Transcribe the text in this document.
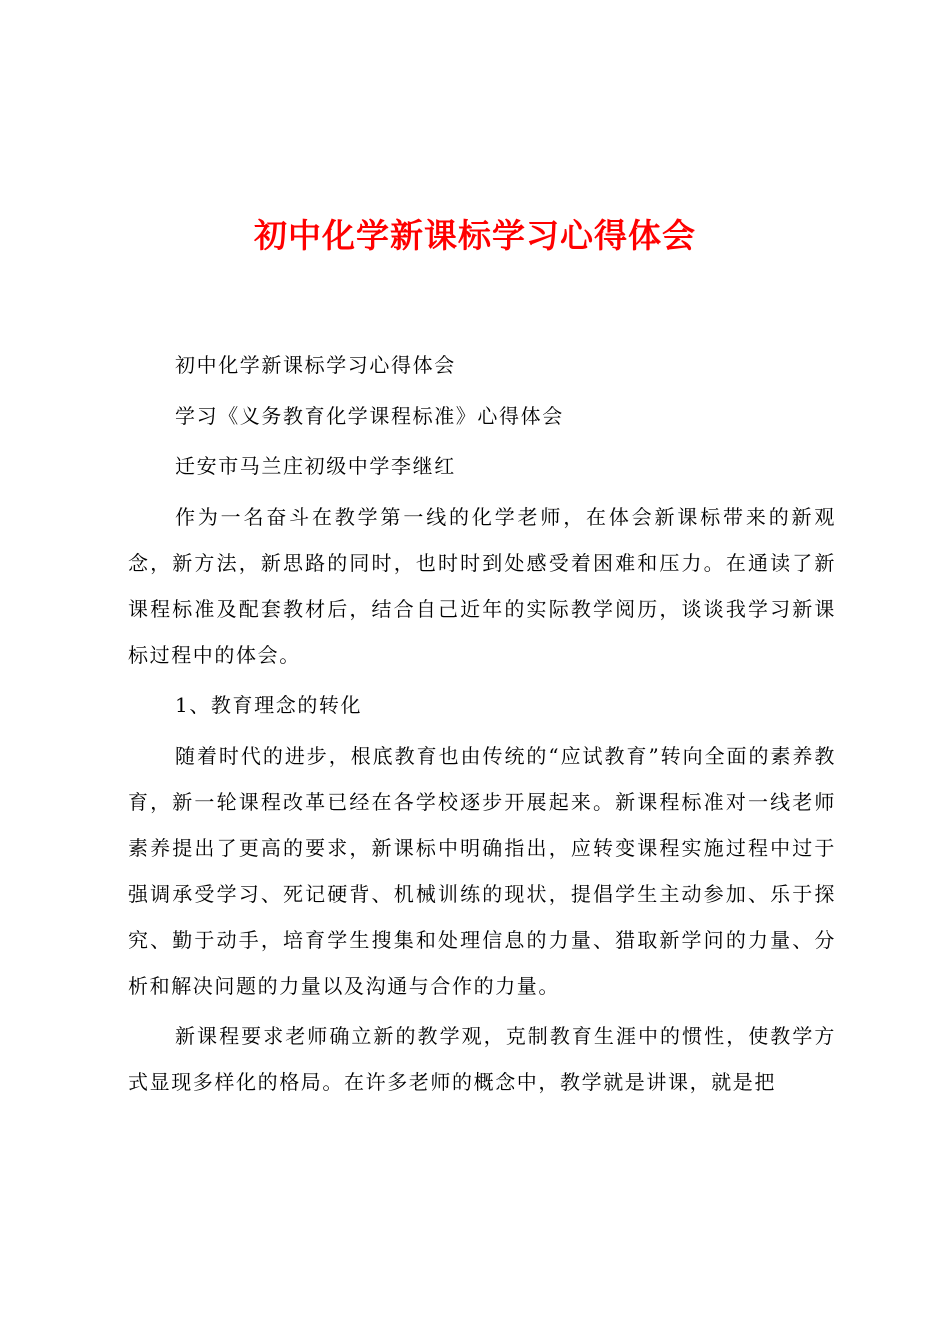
初中化学新课标学习心得体会

初中化学新课标学习心得体会

学习《义务教育化学课程标准》心得体会

迁安市马兰庄初级中学李继红

作为一名奋斗在教学第一线的化学老师，在体会新课标带来的新观念，新方法，新思路的同时，也时时到处感受着困难和压力。在通读了新课程标准及配套教材后，结合自己近年的实际教学阅历，谈谈我学习新课标过程中的体会。

1、教育理念的转化

随着时代的进步，根底教育也由传统的“应试教育”转向全面的素养教育，新一轮课程改革已经在各学校逐步开展起来。新课程标准对一线老师素养提出了更高的要求，新课标中明确指出，应转变课程实施过程中过于强调承受学习、死记硬背、机械训练的现状，提倡学生主动参加、乐于探究、勤于动手，培育学生搜集和处理信息的力量、猎取新学问的力量、分析和解决问题的力量以及沟通与合作的力量。

新课程要求老师确立新的教学观，克制教育生涯中的惯性，使教学方式显现多样化的格局。在许多老师的概念中，教学就是讲课，就是把
